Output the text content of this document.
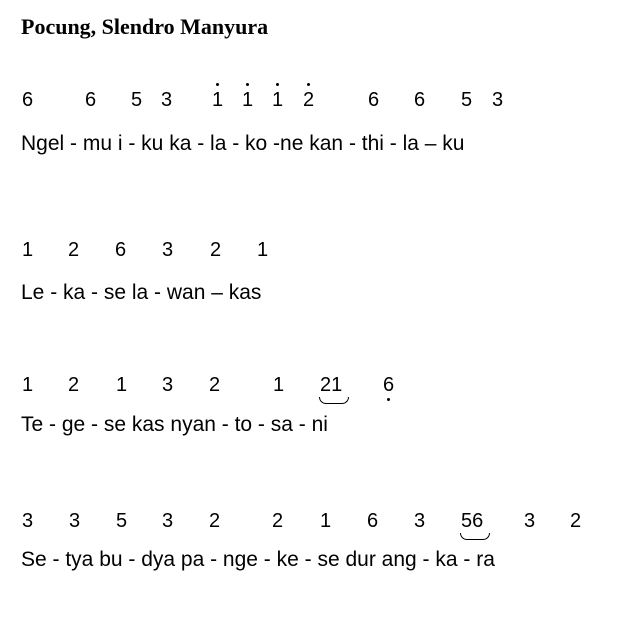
Pocung, Slendro Manyura
6	6 5 3 1 1 1 2	6 6 5 3
Ngel - mu i - ku ka - la - ko -ne kan - thi - la – ku
1 2 6 3 2 1
Le - ka - se la - wan – kas
1 2 1 3 2	1 21 6
Te - ge - se kas nyan - to - sa - ni
3 3 5 3 2	2 1 6 3 56 3 2
Se - tya bu - dya pa - nge - ke - se dur ang - ka - ra
